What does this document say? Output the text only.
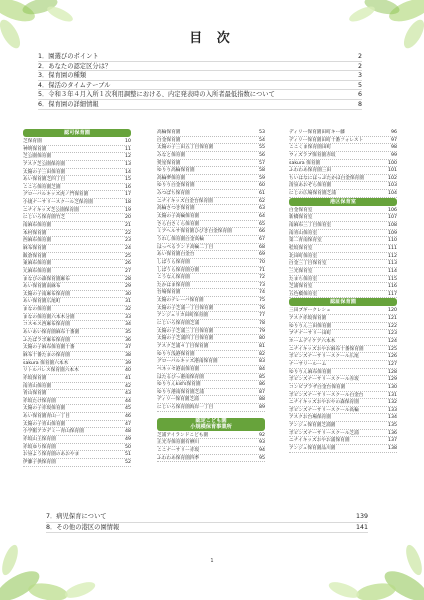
目 次
1．園選びのポイント	2
2．あなたの認定区分は？	2
3．保育園の種類	3
4．保活のタイムテーブル	5
5．令和３年４月入所１次利用調整における、内定発表時の入所者最低指数について	6
6．保育園の詳細情報	8
認可保育園
芝保育園	10
神明保育園	11
芝公園保育園	12
アスク芝公園保育園	13
太陽の子三田保育園	14
あい保育園芝四丁目	15
こころ保育園芝園	16
グローバルキッズ虎ノ門保育園	17
小規ナーサリースクール芝保育園	18
ニチイキッズ芝公園保育園	19
にじいろ保育園竹芝	20
南麻布保育園	21
本村保育園	22
西麻布保育園	23
麻布保育園	24
飯倉保育園	25
東麻布保育園	26
元麻布保育園	27
まなびの森保育園麻布	28
あい保育園南麻布	29
太陽の子南麻布保育園	30
あい保育園広尾町	31
まなの保育園	32
まなの保育園六本木分園	33
コスモス西麻布保育園	34
あいあい保育園麻布十番園	35
ふたばラボ麻布保育園	36
太陽の子麻布保育園十番	37
麻布十番たまの保育園	38
sakura 保育園六本木	39
リトルパレス保育園六本木	40
赤坂保育園	41
南青山保育園	42
青山保育園	43
赤坂たけ保育園	44
太陽の子赤坂保育園	45
あい保育園青山一丁目	46
太陽の子青山保育園	47
小学館アカデミー青山保育園	48
赤坂山王保育園	49
赤坂ゆり保育園	50
お昼よう保育園のあおやま	51
伊藤子供保育園	52
高輪保育園	53
白金保育園	54
太陽の子三田五丁目保育園	55
みなと保育園	56
愛星保育園	57
ゆりり高輪保育園	58
高輪夢保育園	59
ゆりり白金保育園	60
みつばち保育園	61
ニチイキッズ白金台保育園	62
高輪さつき保育園	63
太陽の子高輪保育園	64
さら白さくら保育園	65
ミアヘルサ保育園ひびき白金保育園	66
うれし保育園白金高輪	67
ほっぺるランド高輪二丁目	68
あい保育園白金台	69
しばうら保育園	70
しばうら保育園分園	71
こうなん保育園	72
たかはま保育園	73
台場保育園	74
太陽のテレーバ保育園	75
太陽の子芝浦一丁目保育園	76
アンジェリカ田町保育園	77
にじいろ保育園芝浦	78
太陽の子芝浦三丁目保育園	79
太陽の子芝浦四丁目保育園	80
アスク芝浦４丁目保育園	81
ゆりり浅港保育園	82
グローバルキッズ港南保育園	83
ベネッセ港南保育園	84
ほたるびっ港南保育園	85
ゆりりんkid's保育園	86
ゆりり港南保育園芝浦	87
ディリー保育園芝浦	88
にじいろ保育園海岸一丁目	89
認定こども園
小規模保育事業所
芝浦アイランドこども園	92
正光寺保育園有栖川	93
ここナーサリー赤坂	94
ふわわあ保育園四季	95
ディリー保育園田町キー藤	96
ディリー保育園田町十番フォレスト	97
ここくま保育園田町	98
ウィズラブ保育園赤坂	99
sakura 保育園	100
ふわわあ保育園三田	101
ちいはなにほっぷたかほ白金保育園	102
清泉あおぞら保育園	103
にじの広場保育園芝浦	104
港区保育室
白金保育室	106
新橋保育室	107
南麻布三丁目保育室	108
南青山保育室	109
第二青南保育室	110
桂坂保育室	111
北田町保育室	112
白金三丁目保育室	113
三光保育室	114
たまち保育室	115
芝浦保育室	116
五色橋保育室	117
認証保育園
三田ブギークレシュ	120
アスク赤坂保育園	121
ゆりりん三田保育園	122
ブチナーサリー田町	123
ホームデイケア六本木	124
ニチイキッズおやお麻布十番保育園	125
ポピンズナーサリースクール広尾	126
ナーサリールーム	127
ゆりりん麻布保育園	128
ポピンズナーサリースクール赤坂	129
コンビプラザ白金台保育園	130
ポピンズナーサリースクール白金台	131
ニチイキッズおやおやの森保育園	132
ポピンズナーサリースクール高輪	133
アスクお台場保育園	134
アンジュ保育園芝浦園	135
ポピンズナーサリースクール芝浦	136
ニチイキッズおやお浦保育園	137
アンジュ保育園品川園	138
7．病児保育について	139
8．その他の港区の園情報	141
1
